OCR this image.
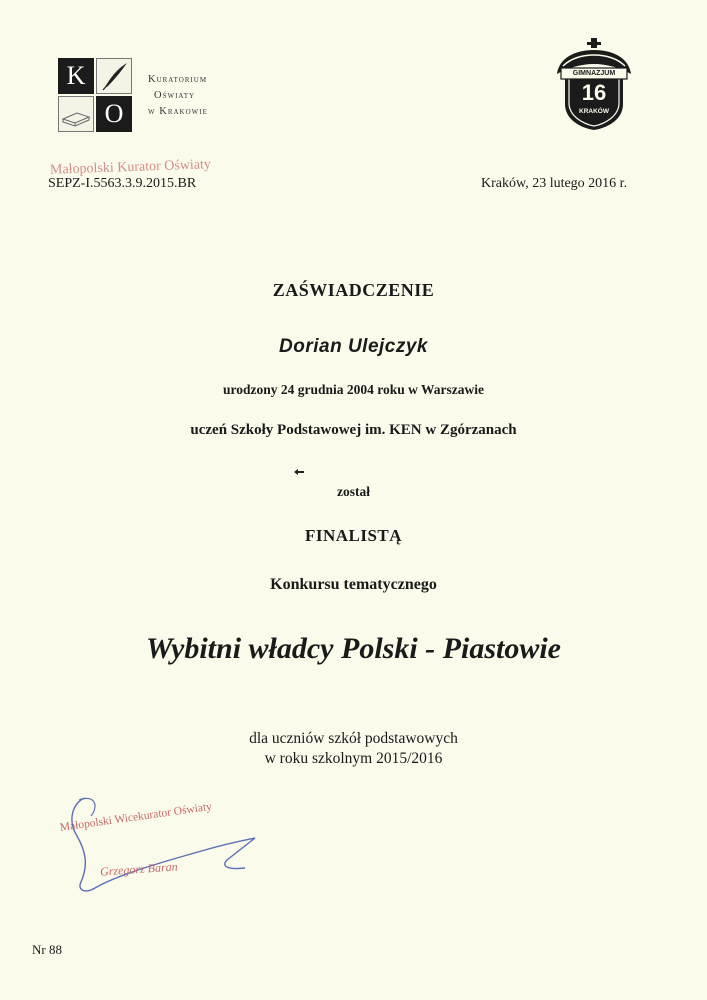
K
O
Kuratorium
Oświaty
w Krakowie
GIMNAZJUM
16
KRAKÓW
Małopolski Kurator Oświaty
SEPZ-I.5563.3.9.2015.BR	Kraków, 23 lutego 2016 r.
ZAŚWIADCZENIE
Dorian Ulejczyk
urodzony 24 grudnia 2004 roku w Warszawie
uczeń Szkoły Podstawowej im. KEN w Zgórzanach
został
FINALISTĄ
Konkursu tematycznego
Wybitni władcy Polski - Piastowie
dla uczniów szkół podstawowych
w roku szkolnym 2015/2016
Małopolski Wicekurator Oświaty
Grzegorz Baran
Nr 88
